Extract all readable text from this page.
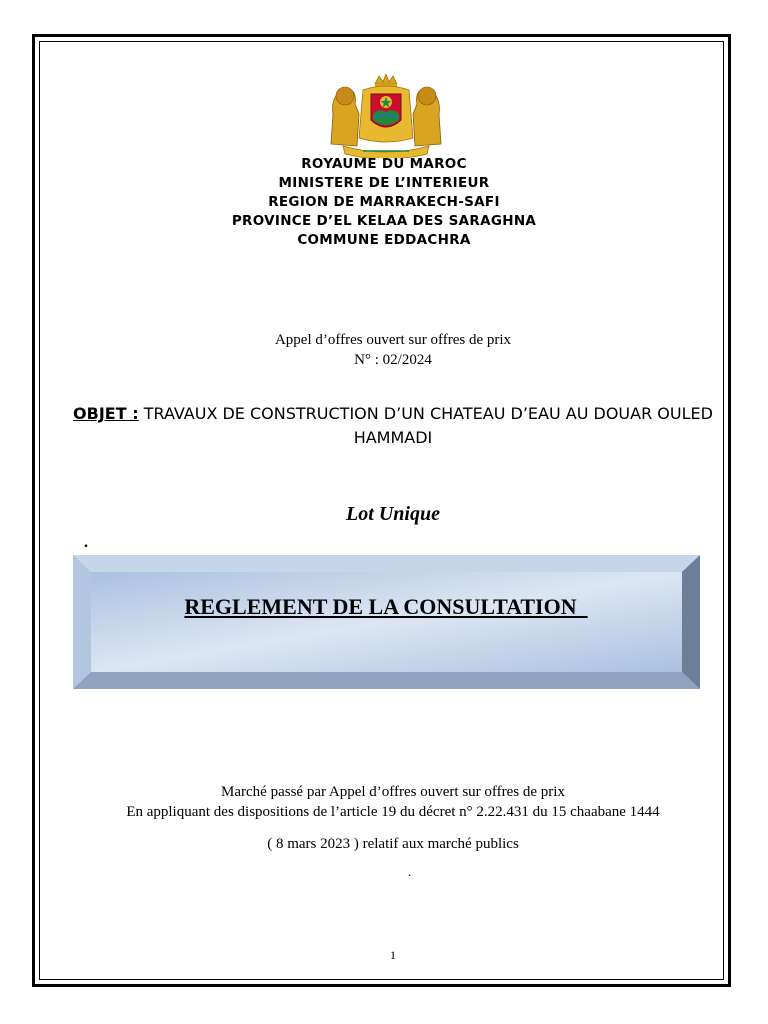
ROYAUME DU MAROC
MINISTERE DE L’INTERIEUR
REGION DE MARRAKECH-SAFI
PROVINCE D’EL KELAA DES SARAGHNA
COMMUNE EDDACHRA
Appel d’offres ouvert sur offres de prix
N° : 02/2024
OBJET : TRAVAUX DE CONSTRUCTION D’UN CHATEAU D’EAU AU DOUAR OULED HAMMADI
Lot Unique
.
REGLEMENT DE LA CONSULTATION
Marché passé par Appel d’offres ouvert sur offres de prix
En appliquant des dispositions de l’article 19 du décret n° 2.22.431 du 15 chaabane 1444
( 8 mars 2023 ) relatif aux marché publics
.
1
